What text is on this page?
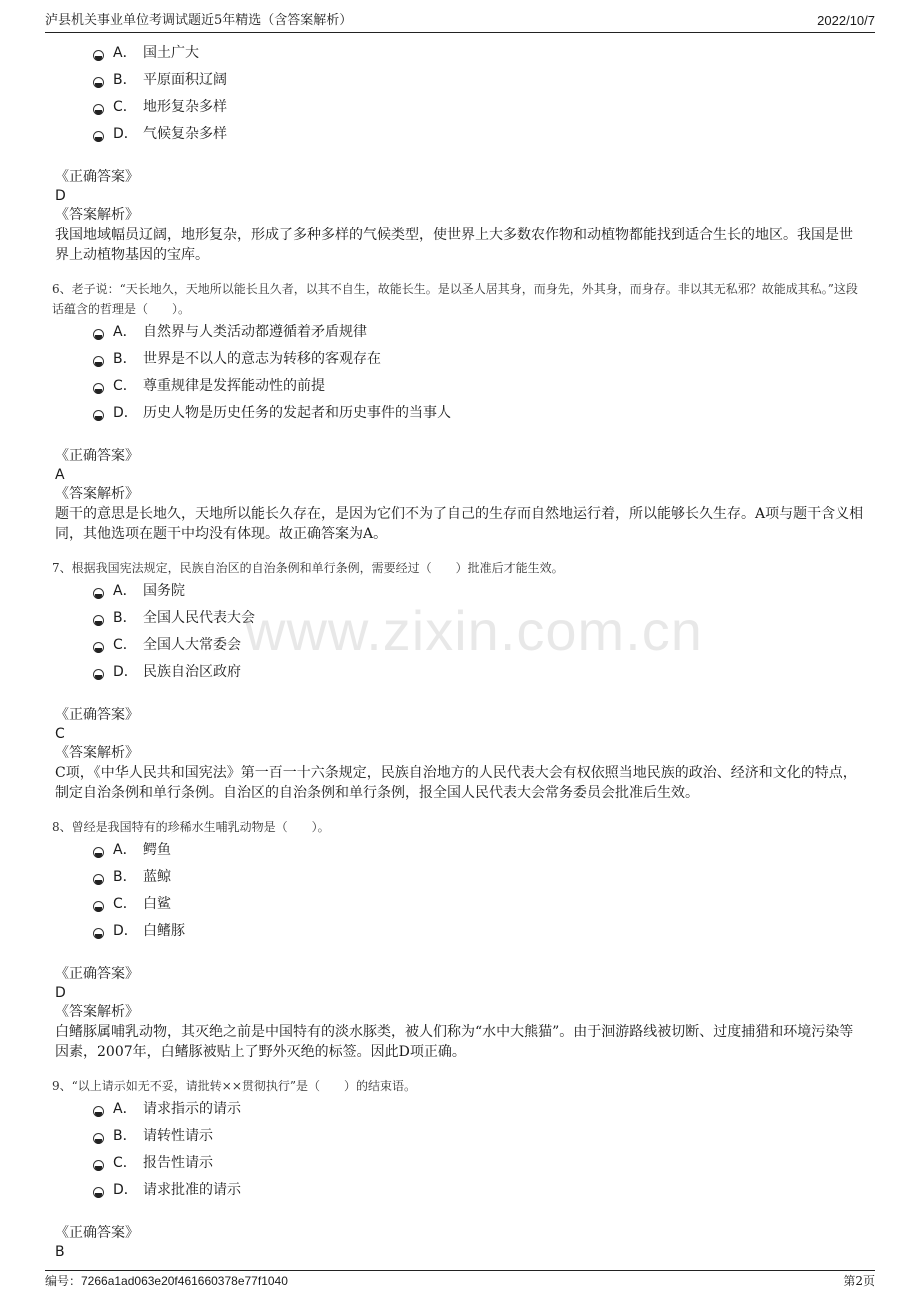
泸县机关事业单位考调试题近5年精选（含答案解析）	2022/10/7
www.zixin.com.cn
A． 国土广大
B． 平原面积辽阔
C． 地形复杂多样
D． 气候复杂多样
《正确答案》
D
《答案解析》
我国地域幅员辽阔，地形复杂，形成了多种多样的气候类型，使世界上大多数农作物和动植物都能找到适合生长的地区。我国是世界上动植物基因的宝库。
6、老子说：“天长地久，天地所以能长且久者，以其不自生，故能长生。是以圣人居其身，而身先，外其身，而身存。非以其无私邪？故能成其私。”这段话蕴含的哲理是（　　）。
A． 自然界与人类活动都遵循着矛盾规律
B． 世界是不以人的意志为转移的客观存在
C． 尊重规律是发挥能动性的前提
D． 历史人物是历史任务的发起者和历史事件的当事人
《正确答案》
A
《答案解析》
题干的意思是长地久，天地所以能长久存在，是因为它们不为了自己的生存而自然地运行着，所以能够长久生存。A项与题干含义相同，其他选项在题干中均没有体现。故正确答案为A。
7、根据我国宪法规定，民族自治区的自治条例和单行条例，需要经过（　　）批准后才能生效。
A． 国务院
B． 全国人民代表大会
C． 全国人大常委会
D． 民族自治区政府
《正确答案》
C
《答案解析》
C项，《中华人民共和国宪法》第一百一十六条规定，民族自治地方的人民代表大会有权依照当地民族的政治、经济和文化的特点，制定自治条例和单行条例。自治区的自治条例和单行条例，报全国人民代表大会常务委员会批准后生效。
8、曾经是我国特有的珍稀水生哺乳动物是（　　）。
A． 鳄鱼
B． 蓝鲸
C． 白鲨
D． 白鳍豚
《正确答案》
D
《答案解析》
白鳍豚属哺乳动物，其灭绝之前是中国特有的淡水豚类，被人们称为“水中大熊猫”。由于洄游路线被切断、过度捕猎和环境污染等因素，2007年，白鳍豚被贴上了野外灭绝的标签。因此D项正确。
9、“以上请示如无不妥，请批转××贯彻执行”是（　　）的结束语。
A． 请求指示的请示
B． 请转性请示
C． 报告性请示
D． 请求批准的请示
《正确答案》
B
编号：7266a1ad063e20f461660378e77f1040	第2页
